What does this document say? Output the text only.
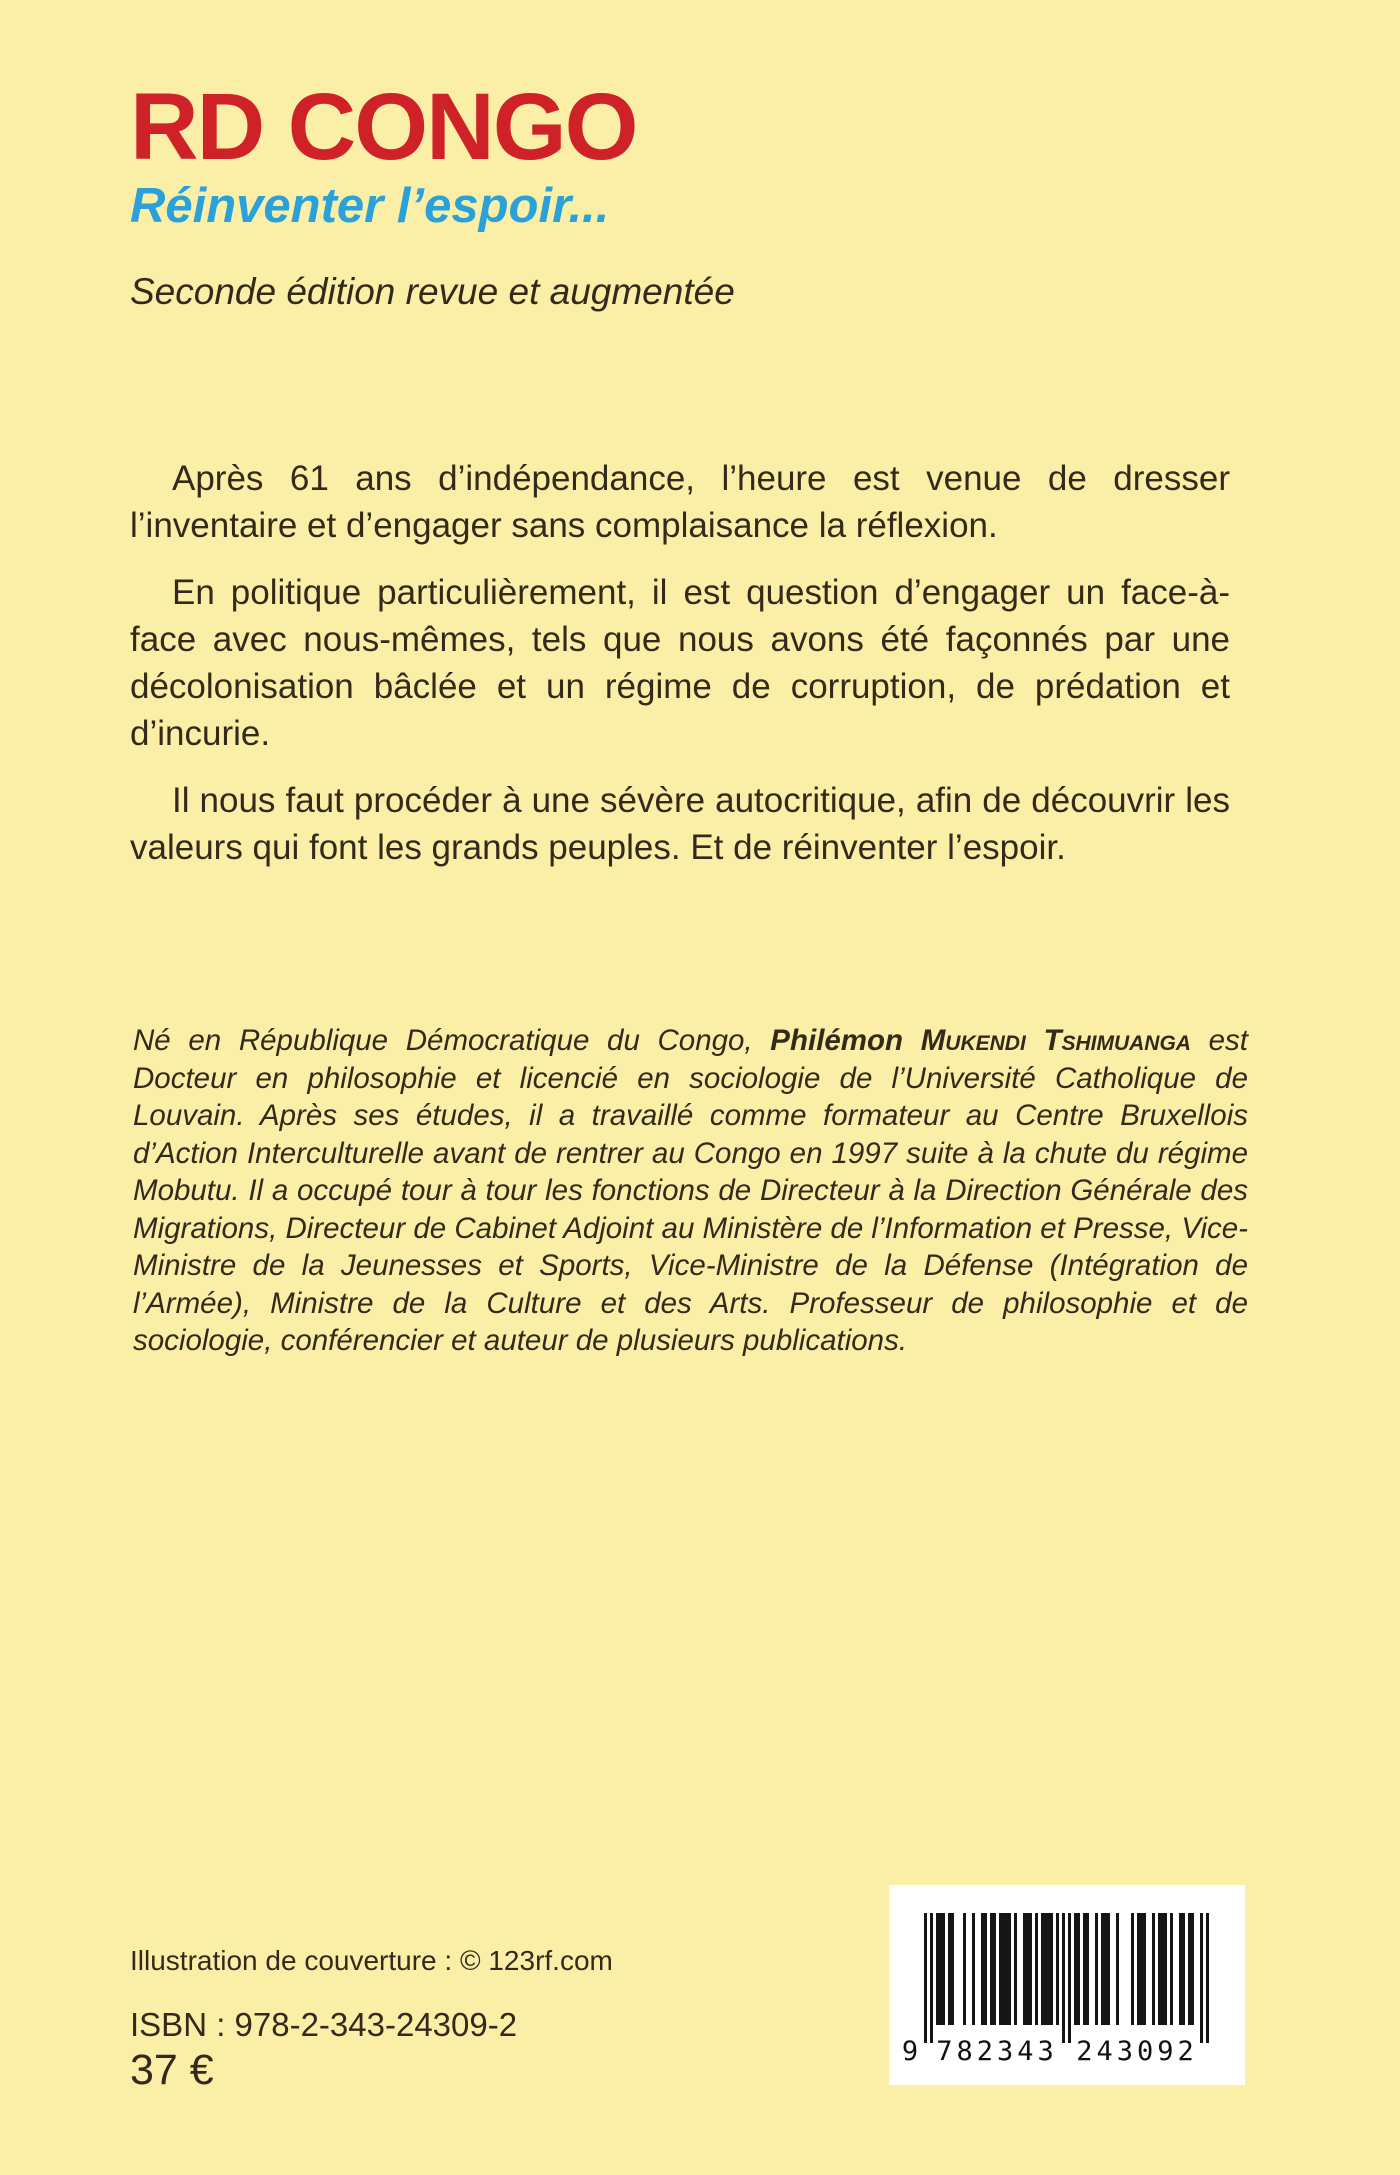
RD CONGO
Réinventer l’espoir...
Seconde édition revue et augmentée

Après 61 ans d’indépendance, l’heure est venue de dresser l’inventaire et d’engager sans complaisance la réflexion.

En politique particulièrement, il est question d’engager un face-à-face avec nous-mêmes, tels que nous avons été façonnés par une décolonisation bâclée et un régime de corruption, de prédation et d’incurie.

Il nous faut procéder à une sévère autocritique, afin de découvrir les valeurs qui font les grands peuples. Et de réinventer l’espoir.

Né en République Démocratique du Congo, Philémon Mukendi Tshimuanga est Docteur en philosophie et licencié en sociologie de l’Université Catholique de Louvain. Après ses études, il a travaillé comme formateur au Centre Bruxellois d’Action Interculturelle avant de rentrer au Congo en 1997 suite à la chute du régime Mobutu. Il a occupé tour à tour les fonctions de Directeur à la Direction Générale des Migrations, Directeur de Cabinet Adjoint au Ministère de l’Information et Presse, Vice-Ministre de la Jeunesses et Sports, Vice-Ministre de la Défense (Intégration de l’Armée), Ministre de la Culture et des Arts. Professeur de philosophie et de sociologie, conférencier et auteur de plusieurs publications.

Illustration de couverture : © 123rf.com
ISBN : 978-2-343-24309-2
37 €	9 782343 243092
